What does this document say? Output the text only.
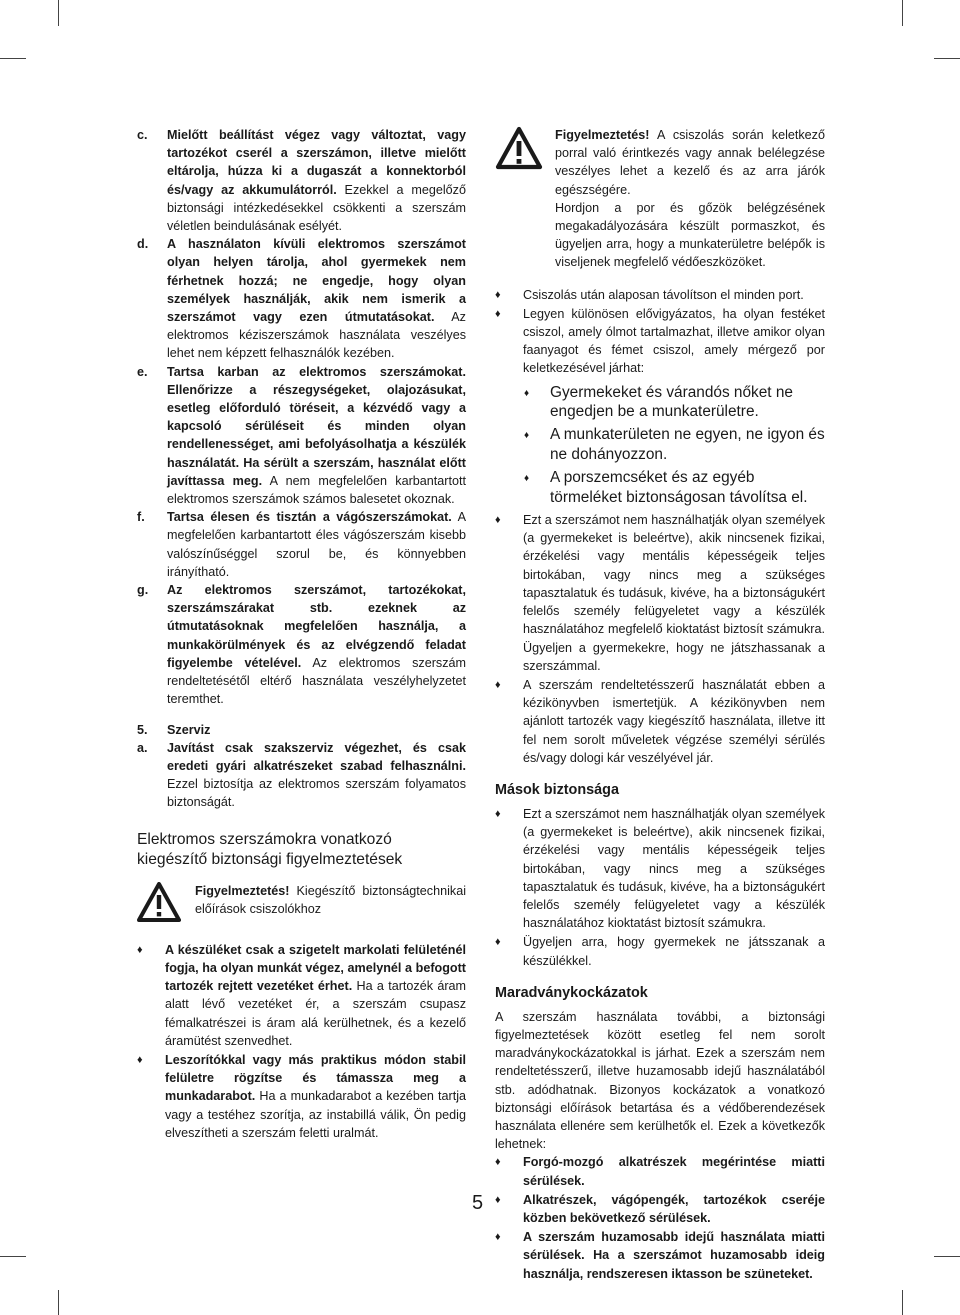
c. Mielőtt beállítást végez vagy változtat, vagy tartozékot cserél a szerszámon, illetve mielőtt eltárolja, húzza ki a dugaszát a konnektorból és/vagy az akkumulátorról. Ezekkel a megelőző biztonsági intézkedésekkel csökkenti a szerszám véletlen beindulásának esélyét.
d. A használaton kívüli elektromos szerszámot olyan helyen tárolja, ahol gyermekek nem férhetnek hozzá; ne engedje, hogy olyan személyek használják, akik nem ismerik a szerszámot vagy ezen útmutatásokat. Az elektromos kéziszerszámok használata veszélyes lehet nem képzett felhasználók kezében.
e. Tartsa karban az elektromos szerszámokat. Ellenőrizze a részegységeket, olajozásukat, esetleg előforduló töréseit, a kézvédő vagy a kapcsoló sérüléseit és minden olyan rendellenességet, ami befolyásolhatja a készülék használatát. Ha sérült a szerszám, használat előtt javíttassa meg. A nem megfelelően karbantartott elektromos szerszámok számos balesetet okoznak.
f. Tartsa élesen és tisztán a vágószerszámokat. A megfelelően karbantartott éles vágószerszám kisebb valószínűséggel szorul be, és könnyebben irányítható.
g. Az elektromos szerszámot, tartozékokat, szerszámszárakat stb. ezeknek az útmutatásoknak megfelelően használja, a munkakörülmények és az elvégzendő feladat figyelembe vételével. Az elektromos szerszám rendeltetésétől eltérő használata veszélyhelyzetet teremthet.
5. Szerviz
a. Javítást csak szakszerviz végezhet, és csak eredeti gyári alkatrészeket szabad felhasználni. Ezzel biztosítja az elektromos szerszám folyamatos biztonságát.
Elektromos szerszámokra vonatkozó
kiegészítő biztonsági figyelmeztetések
Figyelmeztetés! Kiegészítő biztonságtechnikai előírások csiszolókhoz
♦ A készüléket csak a szigetelt markolati felületénél fogja, ha olyan munkát végez, amelynél a befogott tartozék rejtett vezetéket érhet. Ha a tartozék áram alatt lévő vezetéket ér, a szerszám csupasz fémalkatrészei is áram alá kerülhetnek, és a kezelő áramütést szenvedhet.
♦ Leszorítókkal vagy más praktikus módon stabil felületre rögzítse és támassza meg a munkadarabot. Ha a munkadarabot a kezében tartja vagy a testéhez szorítja, az instabillá válik, Ön pedig elveszítheti a szerszám feletti uralmát.
Figyelmeztetés! A csiszolás során keletkező porral való érintkezés vagy annak belélegzése veszélyes lehet a kezelő és az arra járók egészségére.
Hordjon a por és gőzök belégzésének megakadályozására készült pormaszkot, és ügyeljen arra, hogy a munkaterületre belépők is viseljenek megfelelő védőeszközöket.
♦ Csiszolás után alaposan távolítson el minden port.
♦ Legyen különösen elővigyázatos, ha olyan festéket csiszol, amely ólmot tartalmazhat, illetve amikor olyan faanyagot és fémet csiszol, amely mérgező por keletkezésével járhat:
♦ Gyermekeket és várandós nőket ne engedjen be a munkaterületre.
♦ A munkaterületen ne egyen, ne igyon és ne dohányozzon.
♦ A porszemcséket és az egyéb törmeléket biztonságosan távolítsa el.
♦ Ezt a szerszámot nem használhatják olyan személyek (a gyermekeket is beleértve), akik nincsenek fizikai, érzékelési vagy mentális képességeik teljes birtokában, vagy nincs meg a szükséges tapasztalatuk és tudásuk, kivéve, ha a biztonságukért felelős személy felügyeletet vagy a készülék használatához megfelelő kioktatást biztosít számukra. Ügyeljen a gyermekekre, hogy ne játszhassanak a szerszámmal.
♦ A szerszám rendeltetésszerű használatát ebben a kézikönyvben ismertetjük. A kézikönyvben nem ajánlott tartozék vagy kiegészítő használata, illetve itt fel nem sorolt műveletek végzése személyi sérülés és/vagy dologi kár veszélyével jár.
Mások biztonsága
♦ Ezt a szerszámot nem használhatják olyan személyek (a gyermekeket is beleértve), akik nincsenek fizikai, érzékelési vagy mentális képességeik teljes birtokában, vagy nincs meg a szükséges tapasztalatuk és tudásuk, kivéve, ha a biztonságukért felelős személy felügyeletet vagy a készülék használatához kioktatást biztosít számukra.
♦ Ügyeljen arra, hogy gyermekek ne játsszanak a készülékkel.
Maradványkockázatok
A szerszám használata további, a biztonsági figyelmeztetések között esetleg fel nem sorolt maradványkockázatokkal is járhat. Ezek a szerszám nem rendeltetésszerű, illetve huzamosabb idejű használatából stb. adódhatnak. Bizonyos kockázatok a vonatkozó biztonsági előírások betartása és a védőberendezések használata ellenére sem kerülhetők el. Ezek a következők lehetnek:
♦ Forgó-mozgó alkatrészek megérintése miatti sérülések.
♦ Alkatrészek, vágópengék, tartozékok cseréje közben bekövetkező sérülések.
♦ A szerszám huzamosabb idejű használata miatti sérülések. Ha a szerszámot huzamosabb ideig használja, rendszeresen iktasson be szüneteket.
5
